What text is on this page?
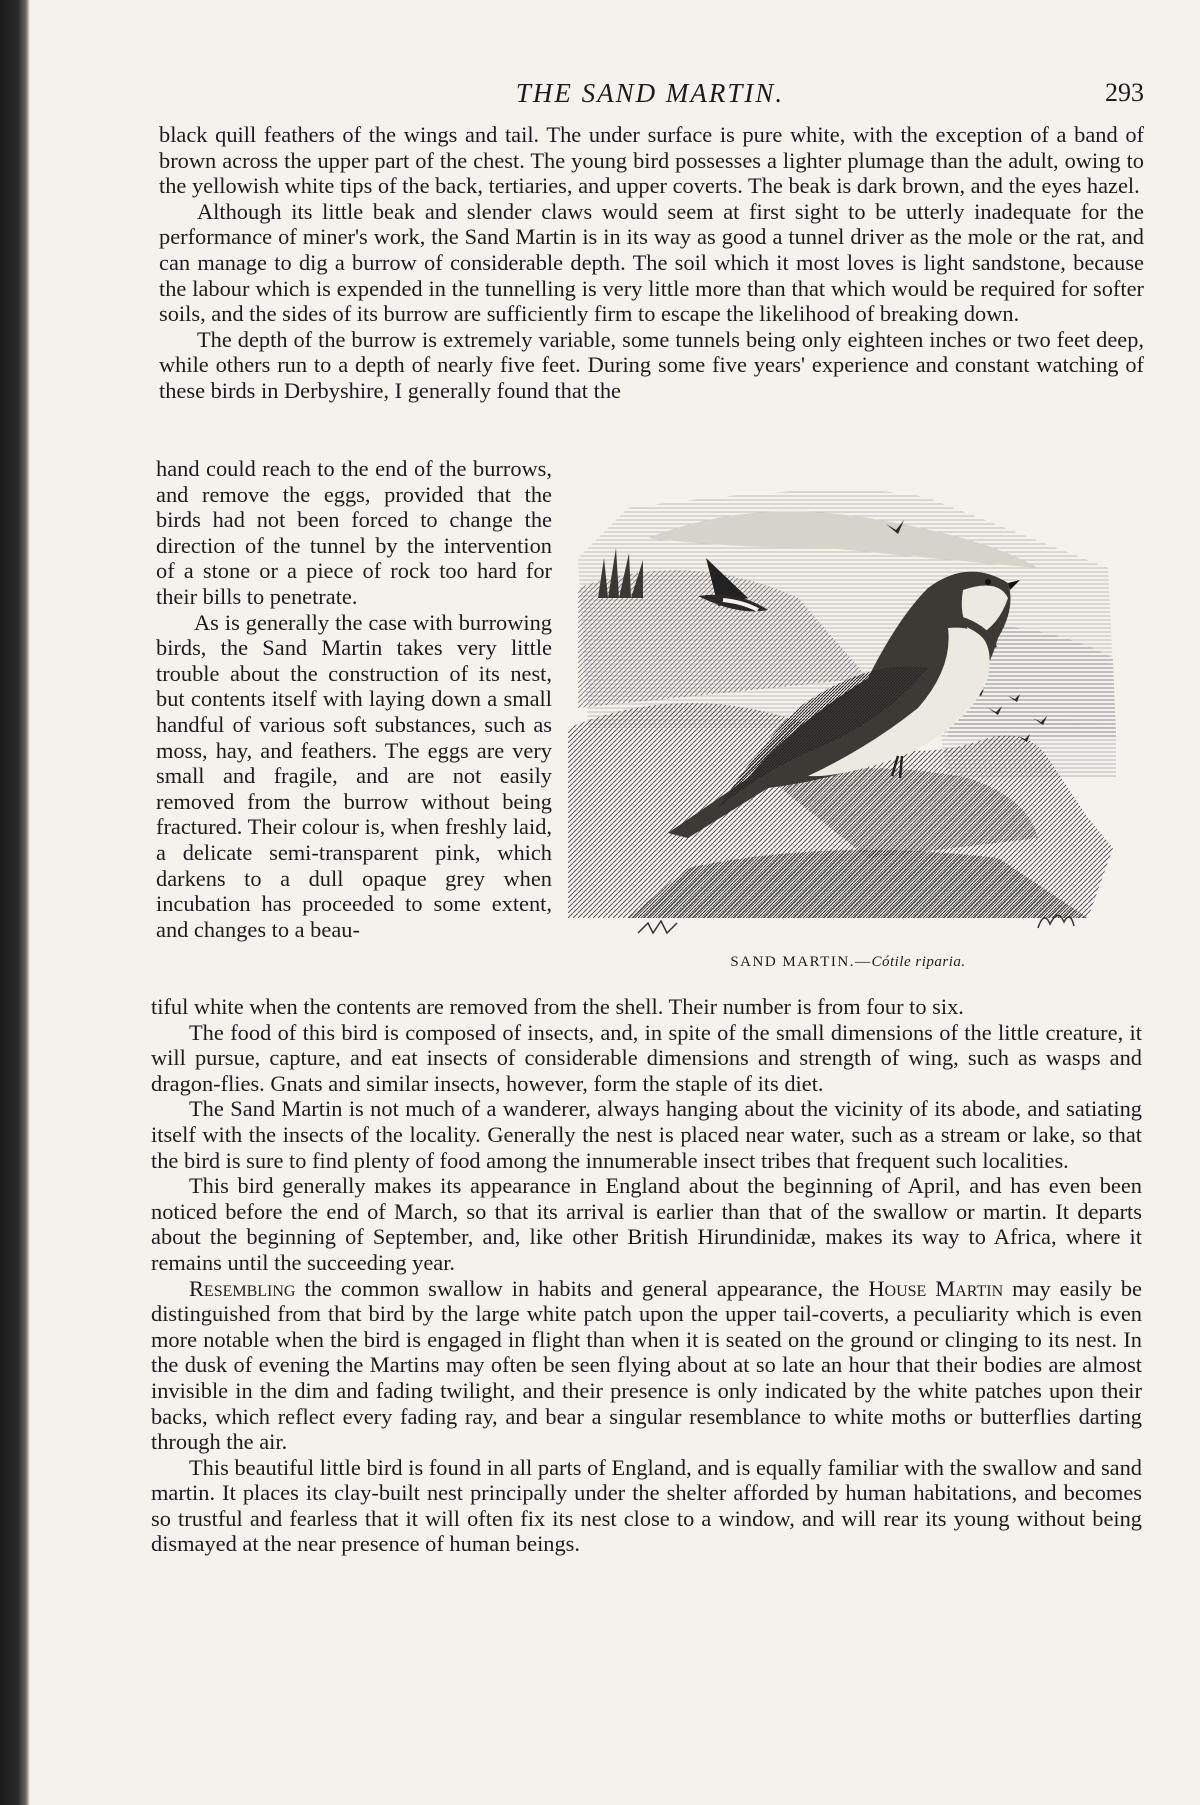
THE SAND MARTIN.	293

black quill feathers of the wings and tail. The under surface is pure white, with the exception of a band of brown across the upper part of the chest. The young bird possesses a lighter plumage than the adult, owing to the yellowish white tips of the back, tertiaries, and upper coverts. The beak is dark brown, and the eyes hazel.

Although its little beak and slender claws would seem at first sight to be utterly inadequate for the performance of miner's work, the Sand Martin is in its way as good a tunnel driver as the mole or the rat, and can manage to dig a burrow of considerable depth. The soil which it most loves is light sandstone, because the labour which is expended in the tunnelling is very little more than that which would be required for softer soils, and the sides of its burrow are sufficiently firm to escape the likelihood of breaking down.

The depth of the burrow is extremely variable, some tunnels being only eighteen inches or two feet deep, while others run to a depth of nearly five feet. During some five years' experience and constant watching of these birds in Derbyshire, I generally found that the

hand could reach to the end of the burrows, and remove the eggs, provided that the birds had not been forced to change the direction of the tunnel by the intervention of a stone or a piece of rock too hard for their bills to penetrate.

As is generally the case with burrowing birds, the Sand Martin takes very little trouble about the construction of its nest, but contents itself with laying down a small handful of various soft substances, such as moss, hay, and feathers. The eggs are very small and fragile, and are not easily removed from the burrow without being fractured. Their colour is, when freshly laid, a delicate semi-transparent pink, which darkens to a dull opaque grey when incubation has proceeded to some extent, and changes to a beau-

SAND MARTIN.—Cótile riparia.

tiful white when the contents are removed from the shell. Their number is from four to six.

The food of this bird is composed of insects, and, in spite of the small dimensions of the little creature, it will pursue, capture, and eat insects of considerable dimensions and strength of wing, such as wasps and dragon-flies. Gnats and similar insects, however, form the staple of its diet.

The Sand Martin is not much of a wanderer, always hanging about the vicinity of its abode, and satiating itself with the insects of the locality. Generally the nest is placed near water, such as a stream or lake, so that the bird is sure to find plenty of food among the innumerable insect tribes that frequent such localities.

This bird generally makes its appearance in England about the beginning of April, and has even been noticed before the end of March, so that its arrival is earlier than that of the swallow or martin. It departs about the beginning of September, and, like other British Hirundinidæ, makes its way to Africa, where it remains until the succeeding year.

Resembling the common swallow in habits and general appearance, the House Martin may easily be distinguished from that bird by the large white patch upon the upper tail-coverts, a peculiarity which is even more notable when the bird is engaged in flight than when it is seated on the ground or clinging to its nest. In the dusk of evening the Martins may often be seen flying about at so late an hour that their bodies are almost invisible in the dim and fading twilight, and their presence is only indicated by the white patches upon their backs, which reflect every fading ray, and bear a singular resemblance to white moths or butterflies darting through the air.

This beautiful little bird is found in all parts of England, and is equally familiar with the swallow and sand martin. It places its clay-built nest principally under the shelter afforded by human habitations, and becomes so trustful and fearless that it will often fix its nest close to a window, and will rear its young without being dismayed at the near presence of human beings.
